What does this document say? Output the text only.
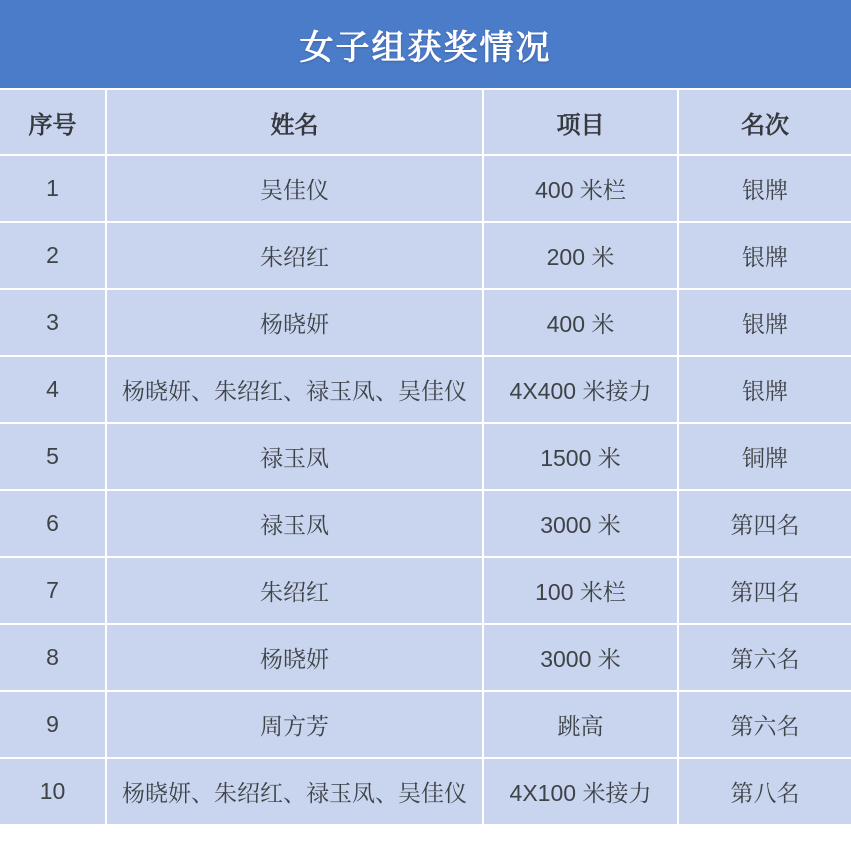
女子组获奖情况
序号	姓名	项目	名次
1	吴佳仪	400 米栏	银牌
2	朱绍红	200 米	银牌
3	杨晓妍	400 米	银牌
4	杨晓妍、朱绍红、禄玉凤、吴佳仪	4X400 米接力	银牌
5	禄玉凤	1500 米	铜牌
6	禄玉凤	3000 米	第四名
7	朱绍红	100 米栏	第四名
8	杨晓妍	3000 米	第六名
9	周方芳	跳高	第六名
10	杨晓妍、朱绍红、禄玉凤、吴佳仪	4X100 米接力	第八名
